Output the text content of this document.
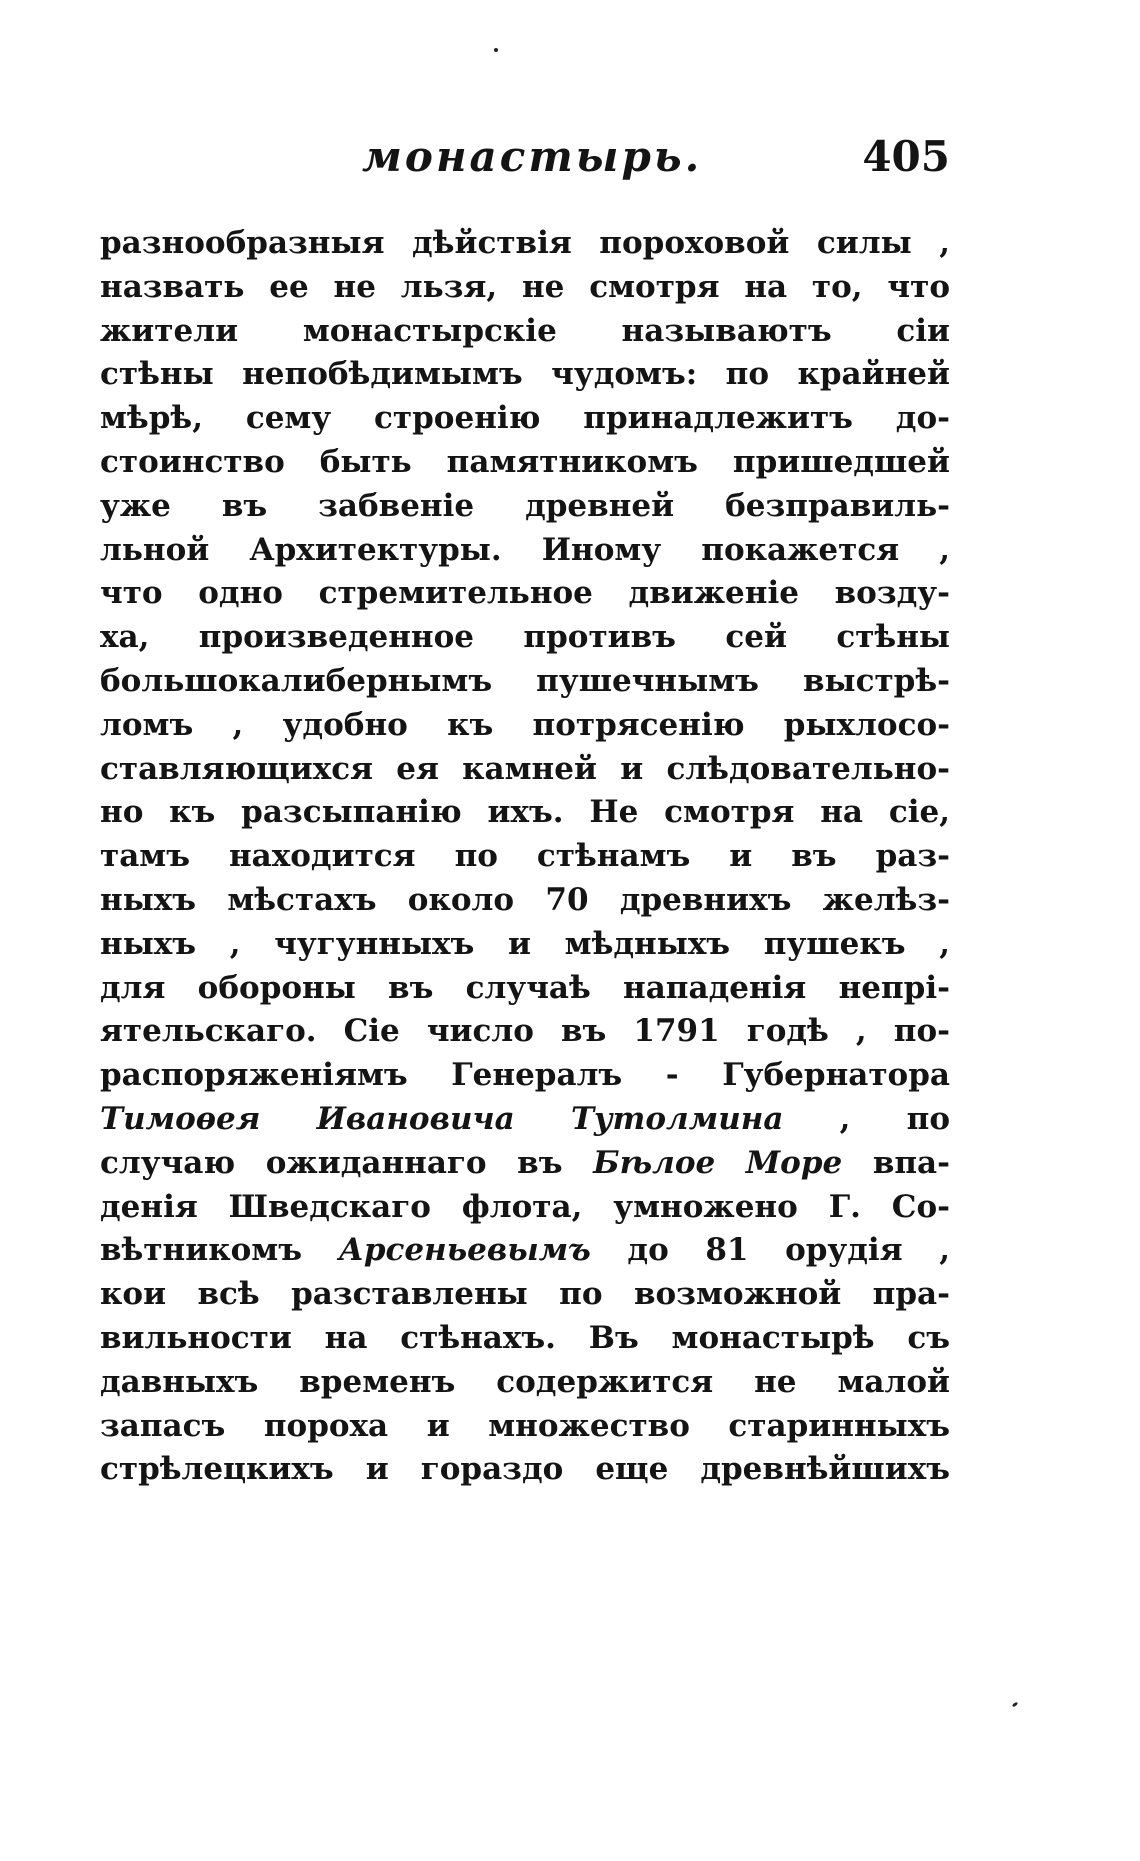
монастырь.	405
разнообразныя дѣйствія пороховой силы ,
назвать ее не льзя, не смотря на то, что
жители монастырскіе называютъ сіи
стѣны непобѣдимымъ чудомъ: по крайней
мѣрѣ, сему строенію принадлежитъ до-
стоинство быть памятникомъ пришедшей
уже въ забвеніе древней безправиль-
льной Архитектуры. Иному покажется ,
что одно стремительное движеніе возду-
ха, произведенное противъ сей стѣны
большокалибернымъ пушечнымъ выстрѣ-
ломъ , удобно къ потрясенію рыхлосо-
ставляющихся ея камней и слѣдовательно-
но къ разсыпанію ихъ. Не смотря на сіе,
тамъ находится по стѣнамъ и въ раз-
ныхъ мѣстахъ около 70 древнихъ желѣз-
ныхъ , чугунныхъ и мѣдныхъ пушекъ ,
для обороны въ случаѣ нападенія непрі-
ятельскаго. Сіе число въ 1791 годѣ , по-
распоряженіямъ Генералъ - Губернатора
Тимоѳея Ивановича Тутолмина , по
случаю ожиданнаго въ Бѣлое Море впа-
денія Шведскаго флота, умножено Г. Со-
вѣтникомъ Арсеньевымъ до 81 орудія ,
кои всѣ разставлены по возможной пра-
вильности на стѣнахъ. Въ монастырѣ съ
давныхъ временъ содержится не малой
запасъ пороха и множество старинныхъ
стрѣлецкихъ и гораздо еще древнѣйшихъ
